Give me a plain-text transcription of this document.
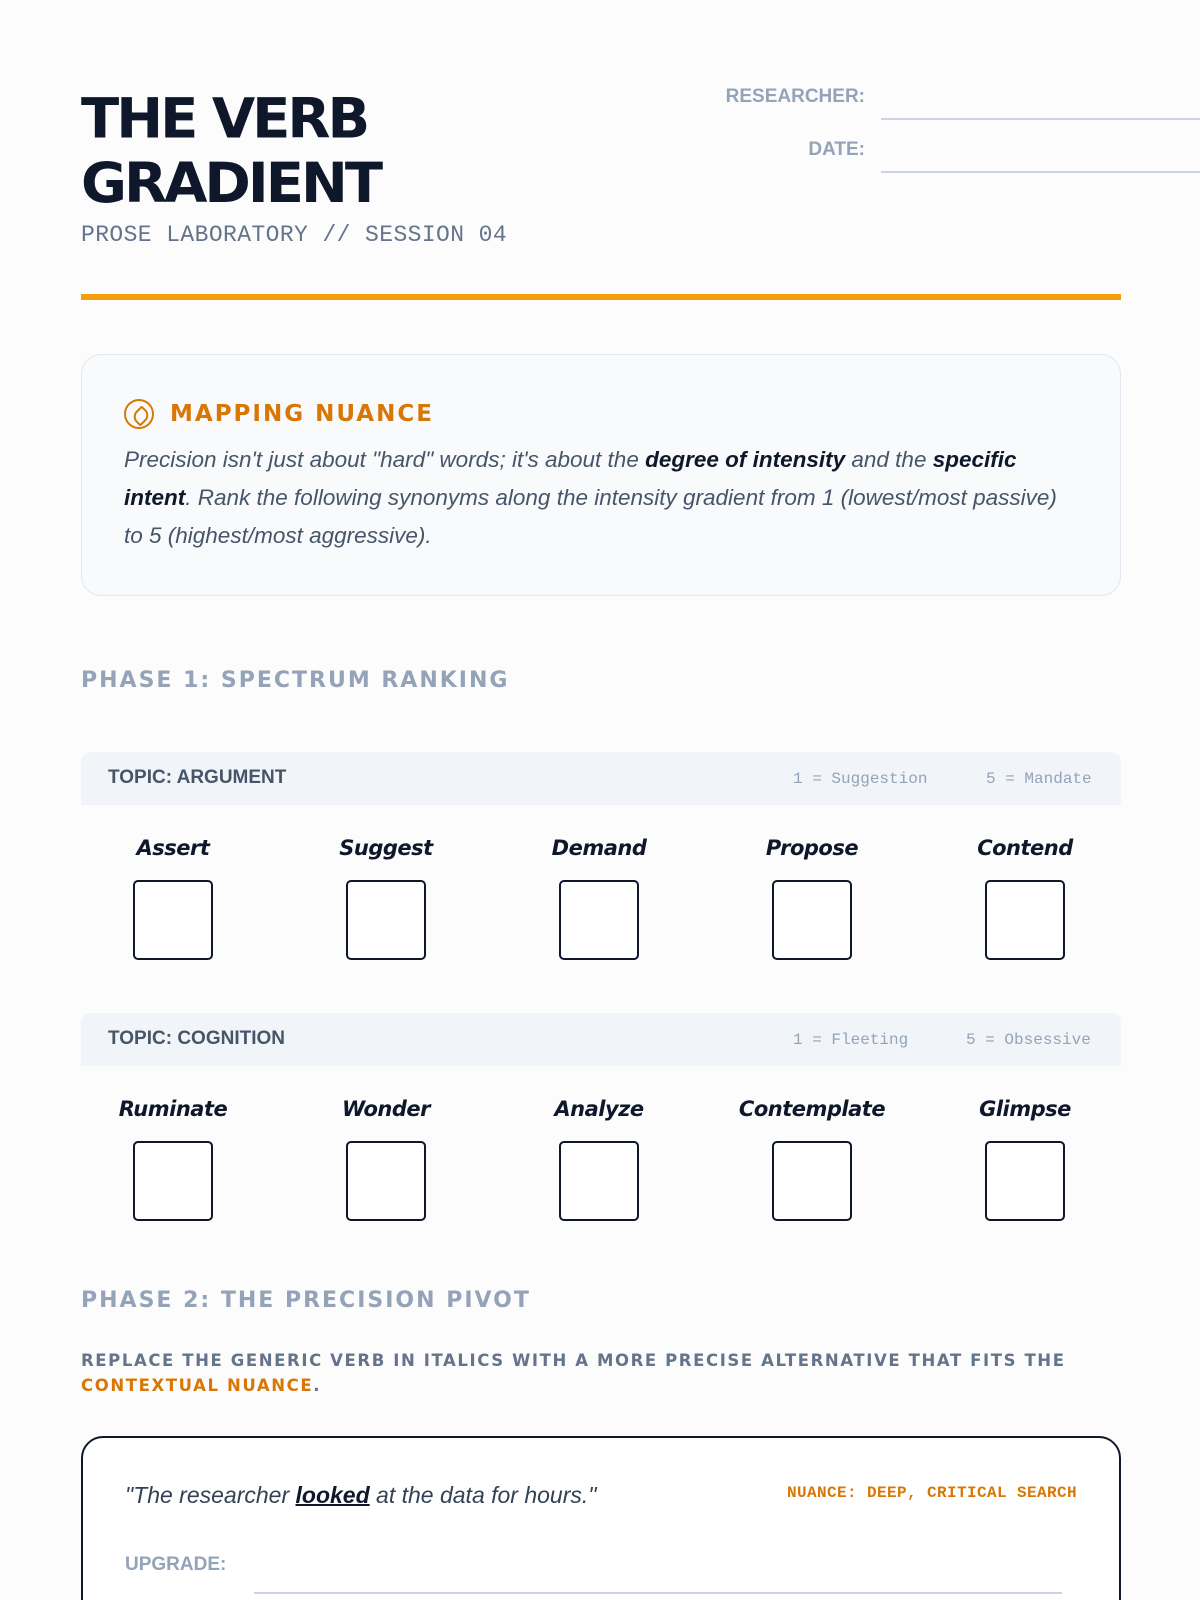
THE VERB
GRADIENT
PROSE LABORATORY // SESSION 04
RESEARCHER:
DATE:
MAPPING NUANCE

Precision isn't just about "hard" words; it's about the degree of intensity and the specific intent. Rank the following synonyms along the intensity gradient from 1 (lowest/most passive) to 5 (highest/most aggressive).

PHASE 1: SPECTRUM RANKING
TOPIC: ARGUMENT	1 = Suggestion	5 = Mandate
Assert	Suggest	Demand	Propose	Contend
TOPIC: COGNITION	1 = Fleeting	5 = Obsessive
Ruminate	Wonder	Analyze	Contemplate	Glimpse
PHASE 2: THE PRECISION PIVOT

REPLACE THE GENERIC VERB IN ITALICS WITH A MORE PRECISE ALTERNATIVE THAT FITS THE CONTEXTUAL NUANCE.

"The researcher looked at the data for hours."	NUANCE: DEEP, CRITICAL SEARCH
UPGRADE:
